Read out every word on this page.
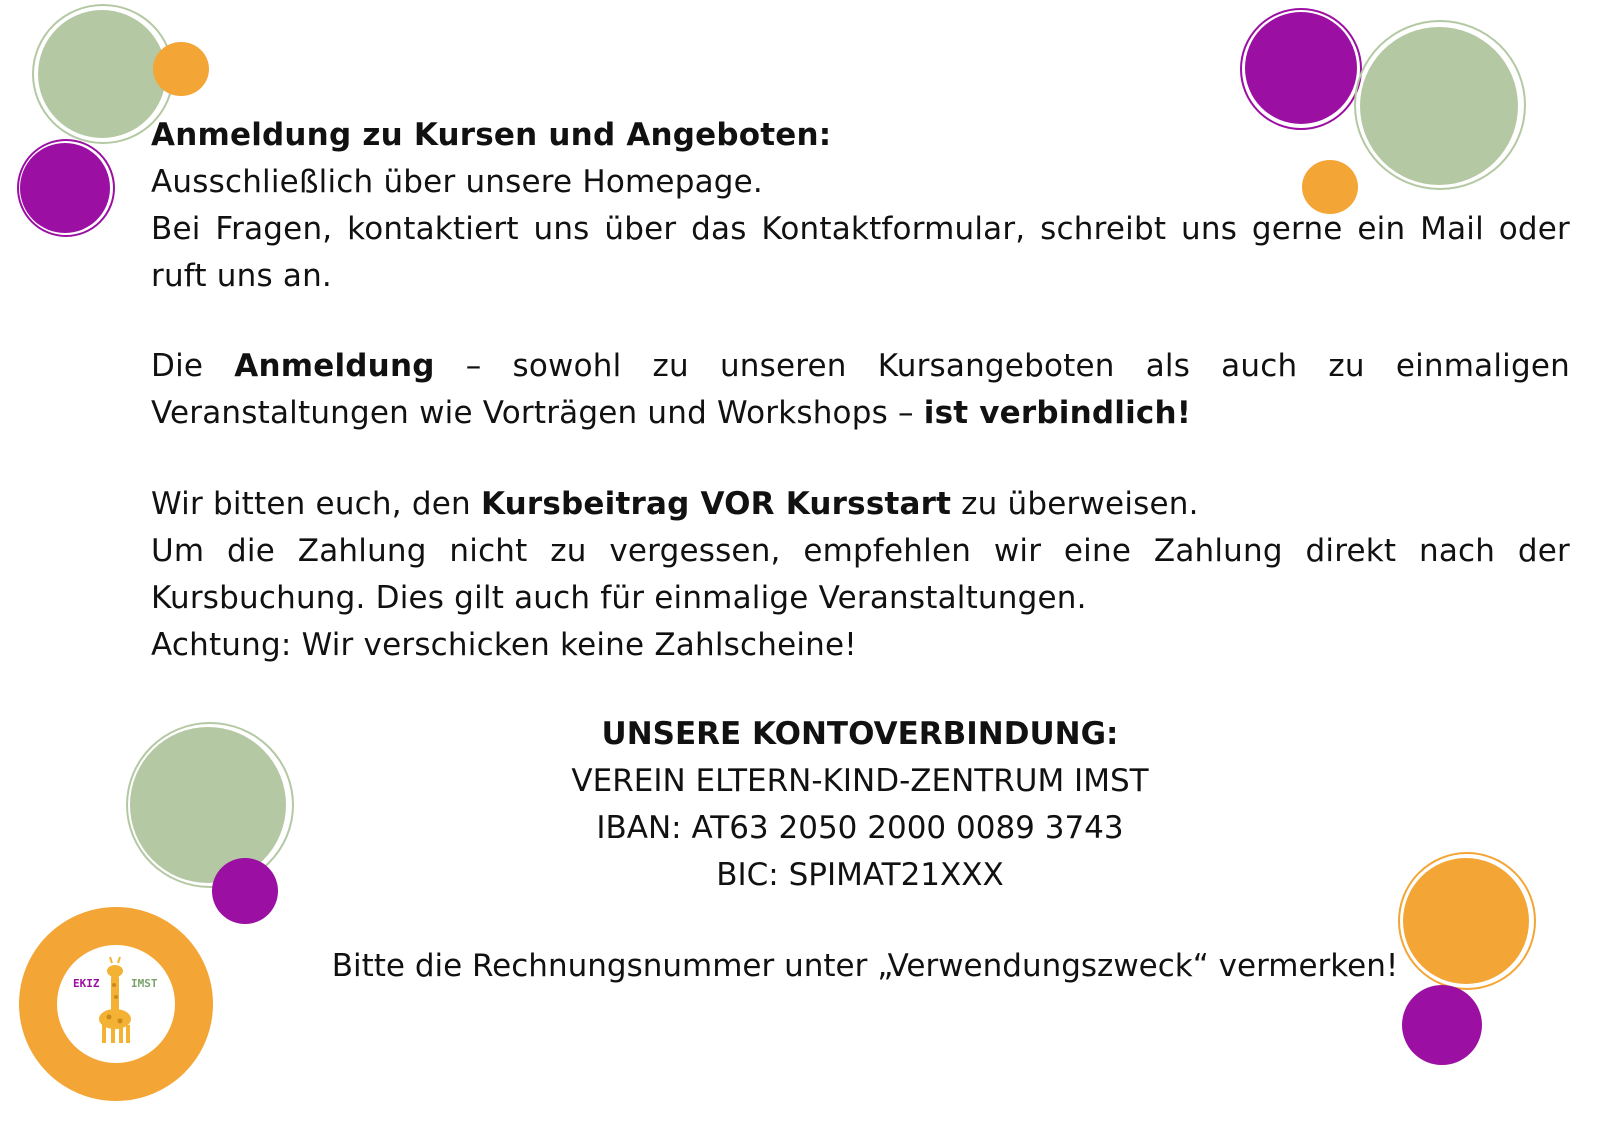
EKIZ	IMST

Anmeldung zu Kursen und Angeboten:

Ausschließlich über unsere Homepage.

Bei Fragen, kontaktiert uns über das Kontaktformular, schreibt uns gerne ein Mail oder ruft uns an.

Die Anmeldung – sowohl zu unseren Kursangeboten als auch zu einmaligen Veranstaltungen wie Vorträgen und Workshops – ist verbindlich!

Wir bitten euch, den Kursbeitrag VOR Kursstart zu überweisen.

Um die Zahlung nicht zu vergessen, empfehlen wir eine Zahlung direkt nach der Kursbuchung. Dies gilt auch für einmalige Veranstaltungen.

Achtung: Wir verschicken keine Zahlscheine!

UNSERE KONTOVERBINDUNG:

VEREIN ELTERN-KIND-ZENTRUM IMST

IBAN: AT63 2050 2000 0089 3743

BIC: SPIMAT21XXX

Bitte die Rechnungsnummer unter „Verwendungszweck“ vermerken!
